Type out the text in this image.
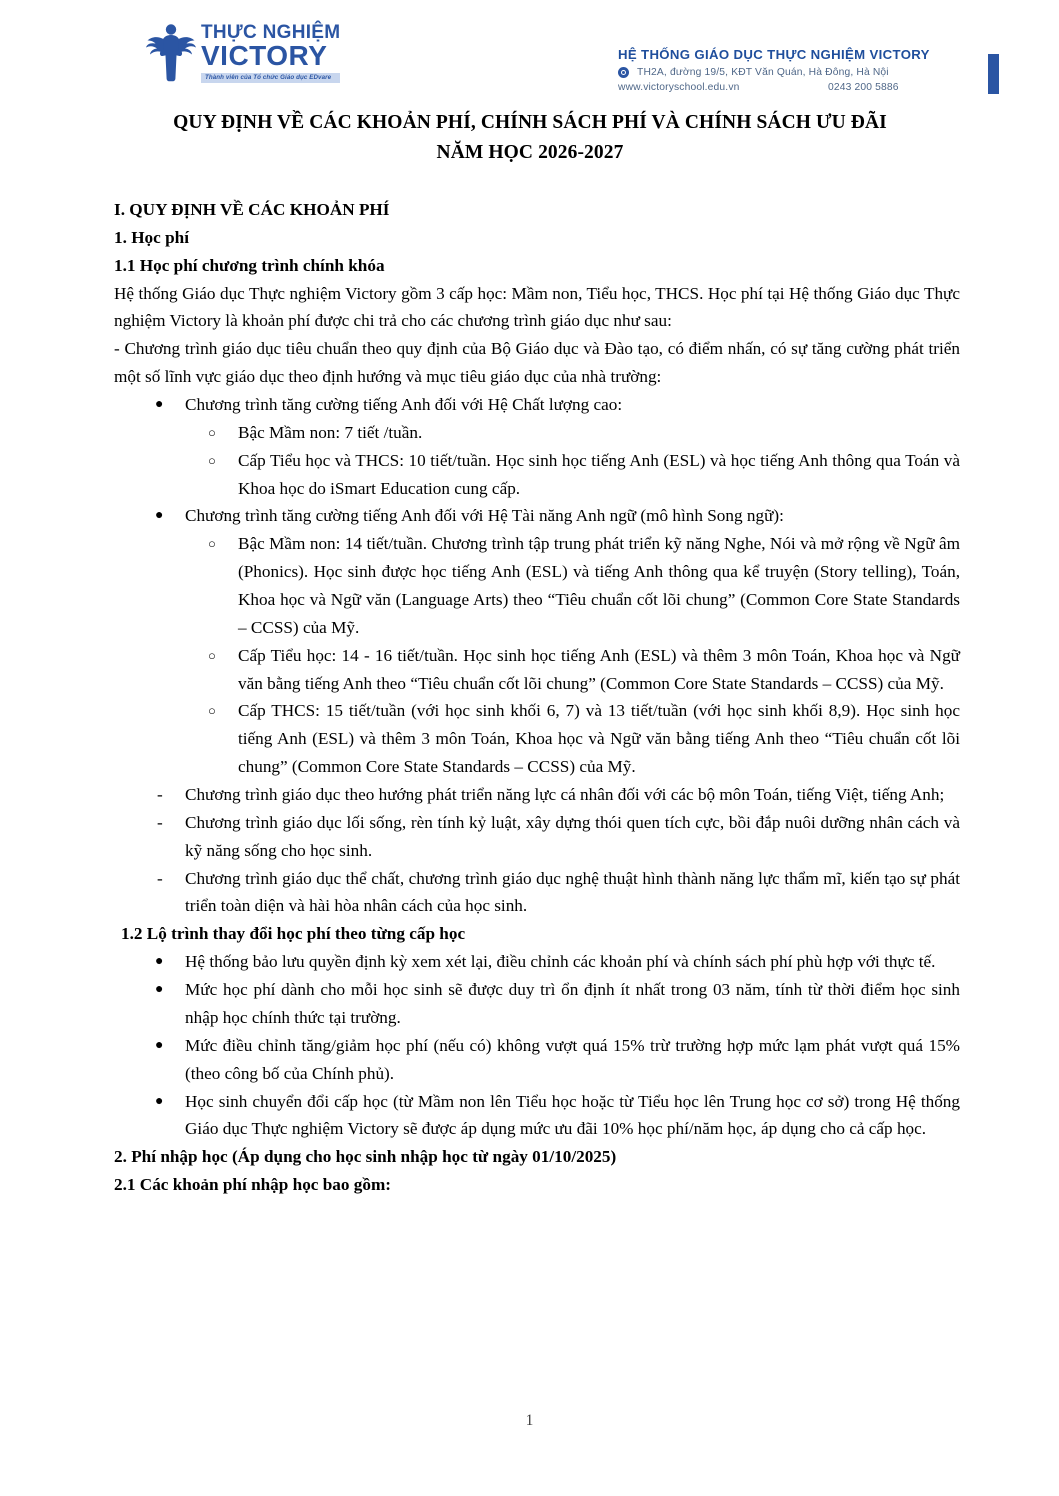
THỰC NGHIỆM
VICTORY
Thành viên của Tổ chức Giáo dục EDvare
HỆ THỐNG GIÁO DỤC THỰC NGHIỆM VICTORY
TH2A, đường 19/5, KĐT Văn Quán, Hà Đông, Hà Nội
www.victoryschool.edu.vn	0243 200 5886
QUY ĐỊNH VỀ CÁC KHOẢN PHÍ, CHÍNH SÁCH PHÍ VÀ CHÍNH SÁCH ƯU ĐÃI
NĂM HỌC 2026-2027

I. QUY ĐỊNH VỀ CÁC KHOẢN PHÍ

1. Học phí

1.1 Học phí chương trình chính khóa

Hệ thống Giáo dục Thực nghiệm Victory gồm 3 cấp học: Mầm non, Tiểu học, THCS. Học phí tại Hệ thống Giáo dục Thực nghiệm Victory là khoản phí được chi trả cho các chương trình giáo dục như sau:

- Chương trình giáo dục tiêu chuẩn theo quy định của Bộ Giáo dục và Đào tạo, có điểm nhấn, có sự tăng cường phát triển một số lĩnh vực giáo dục theo định hướng và mục tiêu giáo dục của nhà trường:

● Chương trình tăng cường tiếng Anh đối với Hệ Chất lượng cao:
○ Bậc Mầm non: 7 tiết /tuần.
○ Cấp Tiểu học và THCS: 10 tiết/tuần. Học sinh học tiếng Anh (ESL) và học tiếng Anh thông qua Toán và Khoa học do iSmart Education cung cấp.
● Chương trình tăng cường tiếng Anh đối với Hệ Tài năng Anh ngữ (mô hình Song ngữ):
○ Bậc Mầm non: 14 tiết/tuần. Chương trình tập trung phát triển kỹ năng Nghe, Nói và mở rộng về Ngữ âm (Phonics). Học sinh được học tiếng Anh (ESL) và tiếng Anh thông qua kể truyện (Story telling), Toán, Khoa học và Ngữ văn (Language Arts) theo “Tiêu chuẩn cốt lõi chung” (Common Core State Standards – CCSS) của Mỹ.
○ Cấp Tiểu học: 14 - 16 tiết/tuần. Học sinh học tiếng Anh (ESL) và thêm 3 môn Toán, Khoa học và Ngữ văn bằng tiếng Anh theo “Tiêu chuẩn cốt lõi chung” (Common Core State Standards – CCSS) của Mỹ.
○ Cấp THCS: 15 tiết/tuần (với học sinh khối 6, 7) và 13 tiết/tuần (với học sinh khối 8,9). Học sinh học tiếng Anh (ESL) và thêm 3 môn Toán, Khoa học và Ngữ văn bằng tiếng Anh theo “Tiêu chuẩn cốt lõi chung” (Common Core State Standards – CCSS) của Mỹ.
- Chương trình giáo dục theo hướng phát triển năng lực cá nhân đối với các bộ môn Toán, tiếng Việt, tiếng Anh;
- Chương trình giáo dục lối sống, rèn tính kỷ luật, xây dựng thói quen tích cực, bồi đắp nuôi dưỡng nhân cách và kỹ năng sống cho học sinh.
- Chương trình giáo dục thể chất, chương trình giáo dục nghệ thuật hình thành năng lực thẩm mĩ, kiến tạo sự phát triển toàn diện và hài hòa nhân cách của học sinh.

1.2 Lộ trình thay đổi học phí theo từng cấp học

● Hệ thống bảo lưu quyền định kỳ xem xét lại, điều chỉnh các khoản phí và chính sách phí phù hợp với thực tế.
● Mức học phí dành cho mỗi học sinh sẽ được duy trì ổn định ít nhất trong 03 năm, tính từ thời điểm học sinh nhập học chính thức tại trường.
● Mức điều chỉnh tăng/giảm học phí (nếu có) không vượt quá 15% trừ trường hợp mức lạm phát vượt quá 15% (theo công bố của Chính phủ).
● Học sinh chuyển đổi cấp học (từ Mầm non lên Tiểu học hoặc từ Tiểu học lên Trung học cơ sở) trong Hệ thống Giáo dục Thực nghiệm Victory sẽ được áp dụng mức ưu đãi 10% học phí/năm học, áp dụng cho cả cấp học.

2. Phí nhập học (Áp dụng cho học sinh nhập học từ ngày 01/10/2025)

2.1 Các khoản phí nhập học bao gồm:

1
